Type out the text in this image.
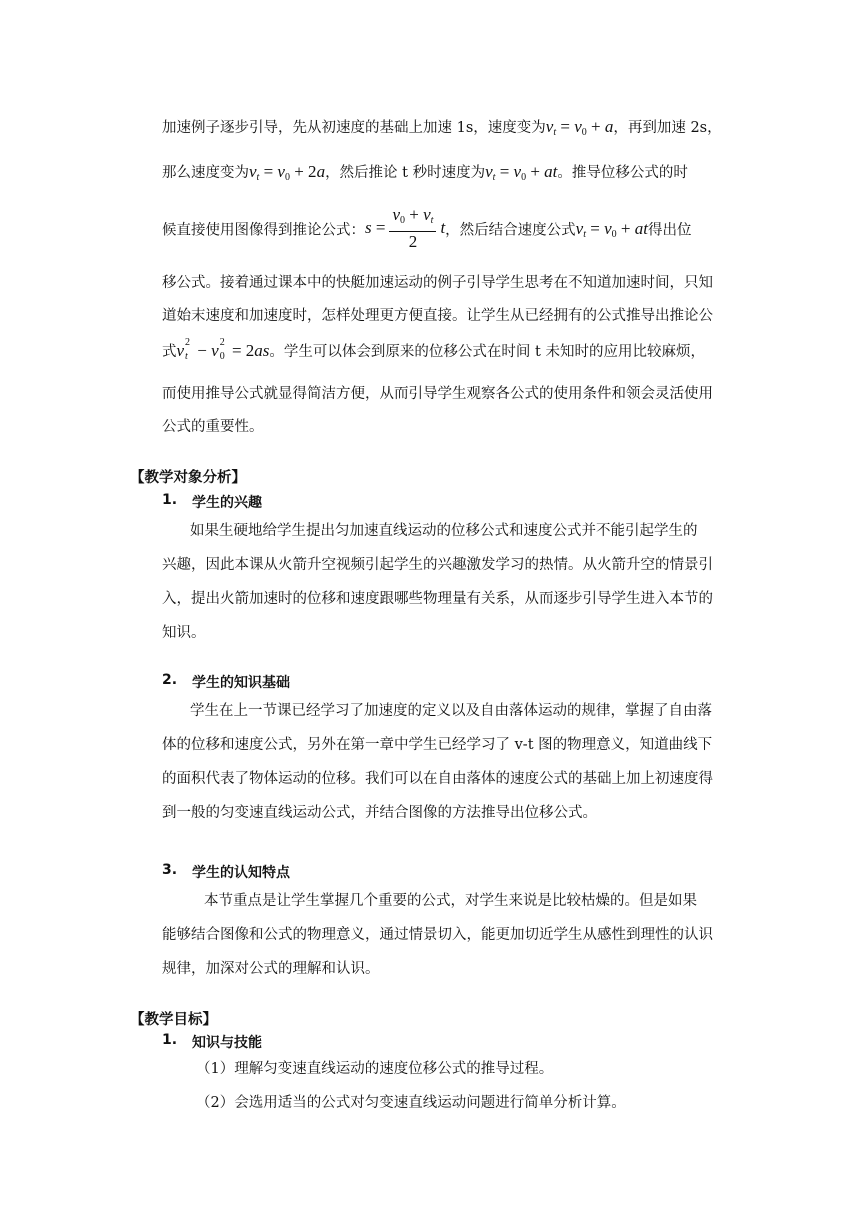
加速例子逐步引导，先从初速度的基础上加速 1s，速度变为$v_t = v_0 + a$，再到加速 2s，
那么速度变为$v_t = v_0 + 2a$，然后推论 t 秒时速度为$v_t = v_0$ + at。推导位移公式的时
候直接使用图像得到推论公式：$s = \frac{v_0 + v_t}{2}$ t，然后结合速度公式$v_t = v_0$ + at得出位
移公式。接着通过课本中的快艇加速运动的例子引导学生思考在不知道加速时间，只知
道始末速度和加速度时，怎样处理更方便直接。让学生从已经拥有的公式推导出推论公
式v 2
t − v 2
0 = 2as。学生可以体会到原来的位移公式在时间 t 未知时的应用比较麻烦，
而使用推导公式就显得简洁方便，从而引导学生观察各公式的使用条件和领会灵活使用
公式的重要性。
【教学对象分析】
1. 学生的兴趣
如果生硬地给学生提出匀加速直线运动的位移公式和速度公式并不能引起学生的
兴趣，因此本课从火箭升空视频引起学生的兴趣激发学习的热情。从火箭升空的情景引
入，提出火箭加速时的位移和速度跟哪些物理量有关系，从而逐步引导学生进入本节的
知识。
2. 学生的知识基础
学生在上一节课已经学习了加速度的定义以及自由落体运动的规律，掌握了自由落
体的位移和速度公式，另外在第一章中学生已经学习了 v-t 图的物理意义，知道曲线下
的面积代表了物体运动的位移。我们可以在自由落体的速度公式的基础上加上初速度得
到一般的匀变速直线运动公式，并结合图像的方法推导出位移公式。
3. 学生的认知特点
本节重点是让学生掌握几个重要的公式，对学生来说是比较枯燥的。但是如果
能够结合图像和公式的物理意义，通过情景切入，能更加切近学生从感性到理性的认识
规律，加深对公式的理解和认识。
【教学目标】
1. 知识与技能
（1）理解匀变速直线运动的速度位移公式的推导过程。
（2）会选用适当的公式对匀变速直线运动问题进行简单分析计算。
